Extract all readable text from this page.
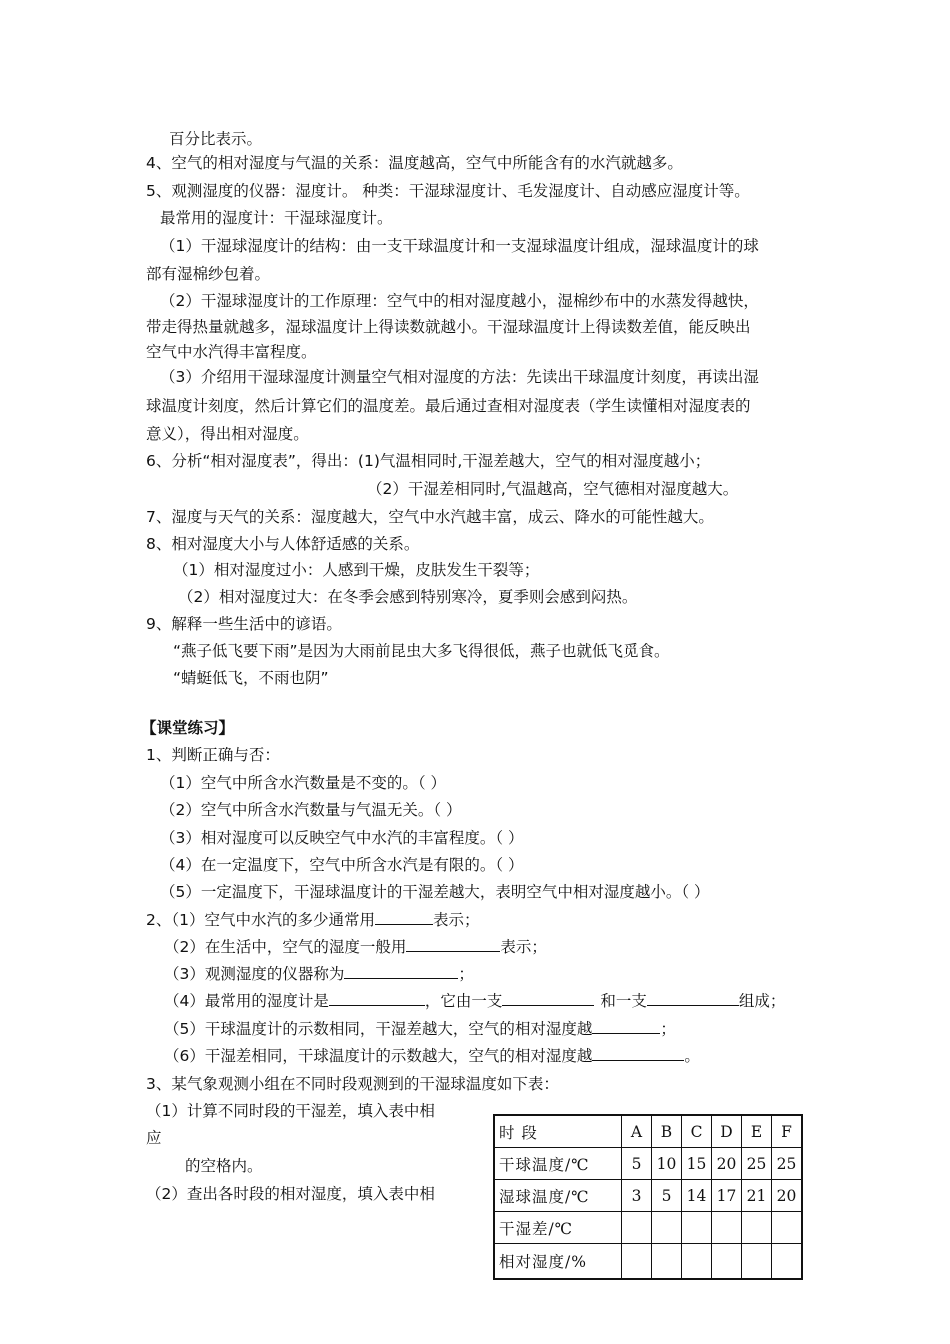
百分比表示。
4、空气的相对湿度与气温的关系：温度越高，空气中所能含有的水汽就越多。
5、观测湿度的仪器：湿度计。 种类：干湿球湿度计、毛发湿度计、自动感应湿度计等。
最常用的湿度计：干湿球湿度计。
（1）干湿球湿度计的结构：由一支干球温度计和一支湿球温度计组成，湿球温度计的球
部有湿棉纱包着。
（2）干湿球湿度计的工作原理：空气中的相对湿度越小，湿棉纱布中的水蒸发得越快，
带走得热量就越多，湿球温度计上得读数就越小。干湿球温度计上得读数差值，能反映出
空气中水汽得丰富程度。
（3）介绍用干湿球湿度计测量空气相对湿度的方法：先读出干球温度计刻度，再读出湿
球温度计刻度，然后计算它们的温度差。最后通过查相对湿度表（学生读懂相对湿度表的
意义），得出相对湿度。
6、分析“相对湿度表”，得出：(1)气温相同时,干湿差越大，空气的相对湿度越小；
（2）干湿差相同时,气温越高，空气德相对湿度越大。
7、湿度与天气的关系：湿度越大，空气中水汽越丰富，成云、降水的可能性越大。
8、相对湿度大小与人体舒适感的关系。
（1）相对湿度过小：人感到干燥，皮肤发生干裂等；
（2）相对湿度过大：在冬季会感到特别寒冷，夏季则会感到闷热。
9、解释一些生活中的谚语。
“燕子低飞要下雨”是因为大雨前昆虫大多飞得很低，燕子也就低飞觅食。
“蜻蜓低飞，不雨也阴”
【课堂练习】
1、判断正确与否：
（1）空气中所含水汽数量是不变的。（ ）
（2）空气中所含水汽数量与气温无关。（ ）
（3）相对湿度可以反映空气中水汽的丰富程度。（ ）
（4）在一定温度下，空气中所含水汽是有限的。（ ）
（5）一定温度下，干湿球温度计的干湿差越大，表明空气中相对湿度越小。（ ）
2、（1）空气中水汽的多少通常用	表示；
（2）在生活中，空气的湿度一般用	表示；
（3）观测湿度的仪器称为	；
（4）最常用的湿度计是	，它由一支	和一支	组成；
（5）干球温度计的示数相同，干湿差越大，空气的相对湿度越	；
（6）干湿差相同，干球温度计的示数越大，空气的相对湿度越	。
3、某气象观测小组在不同时段观测到的干湿球温度如下表：
（1）计算不同时段的干湿差，填入表中相
应
的空格内。
（2）查出各时段的相对湿度，填入表中相
时 段	A	B	C	D	E	F
干球温度/℃	5	10	15	20	25	25
湿球温度/℃	3	5	14	17	21	20
干湿差/℃						
相对湿度/%						
